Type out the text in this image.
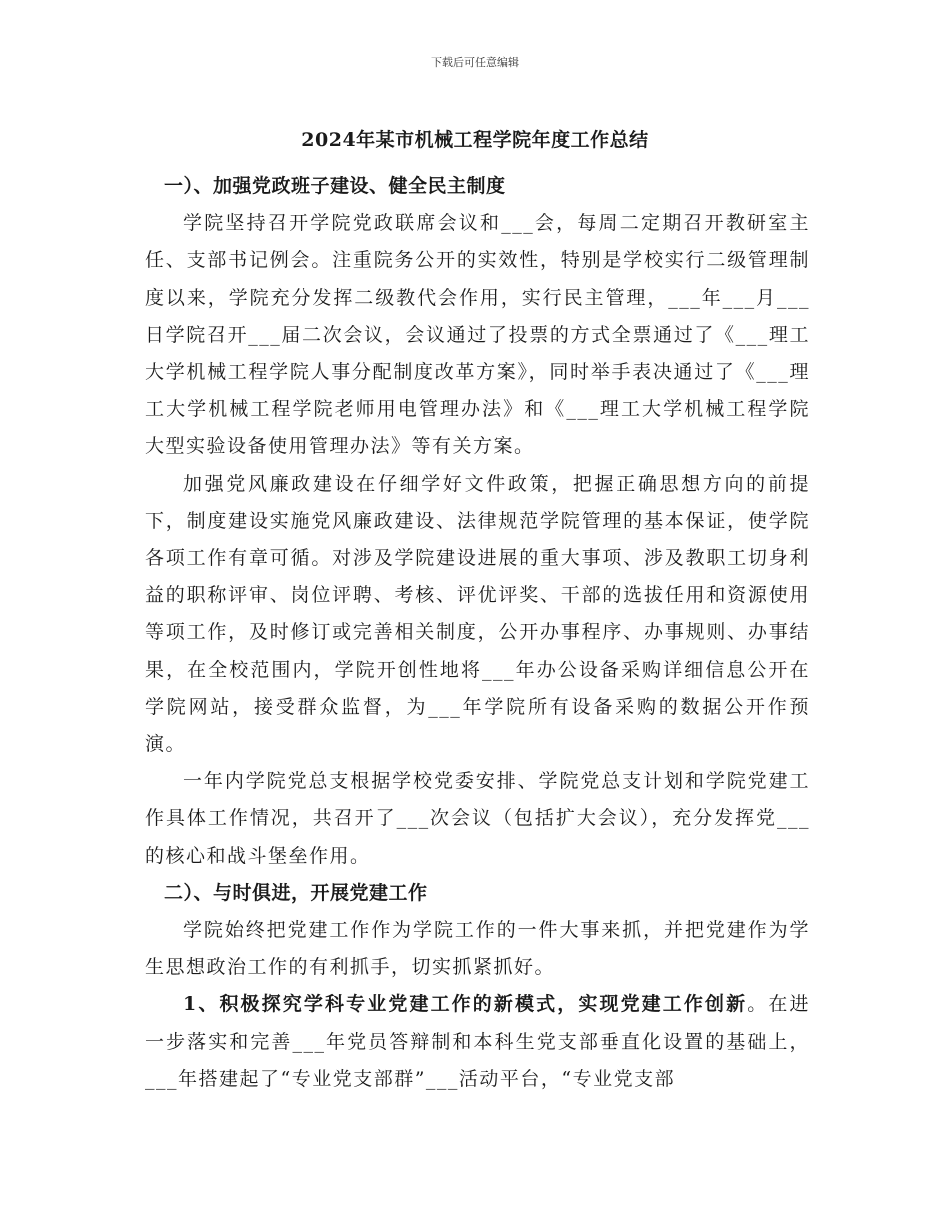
下载后可任意编辑
2024年某市机械工程学院年度工作总结
一）、加强党政班子建设、健全民主制度

学院坚持召开学院党政联席会议和___会，每周二定期召开教研室主任、支部书记例会。注重院务公开的实效性，特别是学校实行二级管理制度以来，学院充分发挥二级教代会作用，实行民主管理，___年___月___日学院召开___届二次会议，会议通过了投票的方式全票通过了《___理工大学机械工程学院人事分配制度改革方案》，同时举手表决通过了《___理工大学机械工程学院老师用电管理办法》和《___理工大学机械工程学院大型实验设备使用管理办法》等有关方案。

加强党风廉政建设在仔细学好文件政策，把握正确思想方向的前提下，制度建设实施党风廉政建设、法律规范学院管理的基本保证，使学院各项工作有章可循。对涉及学院建设进展的重大事项、涉及教职工切身利益的职称评审、岗位评聘、考核、评优评奖、干部的选拔任用和资源使用等项工作，及时修订或完善相关制度，公开办事程序、办事规则、办事结果，在全校范围内，学院开创性地将___年办公设备采购详细信息公开在学院网站，接受群众监督，为___年学院所有设备采购的数据公开作预演。

一年内学院党总支根据学校党委安排、学院党总支计划和学院党建工作具体工作情况，共召开了___次会议（包括扩大会议），充分发挥党___的核心和战斗堡垒作用。

二）、与时俱进，开展党建工作

学院始终把党建工作作为学院工作的一件大事来抓，并把党建作为学生思想政治工作的有利抓手，切实抓紧抓好。

1、积极探究学科专业党建工作的新模式，实现党建工作创新。在进一步落实和完善___年党员答辩制和本科生党支部垂直化设置的基础上，___年搭建起了“专业党支部群”___活动平台，“专业党支部
